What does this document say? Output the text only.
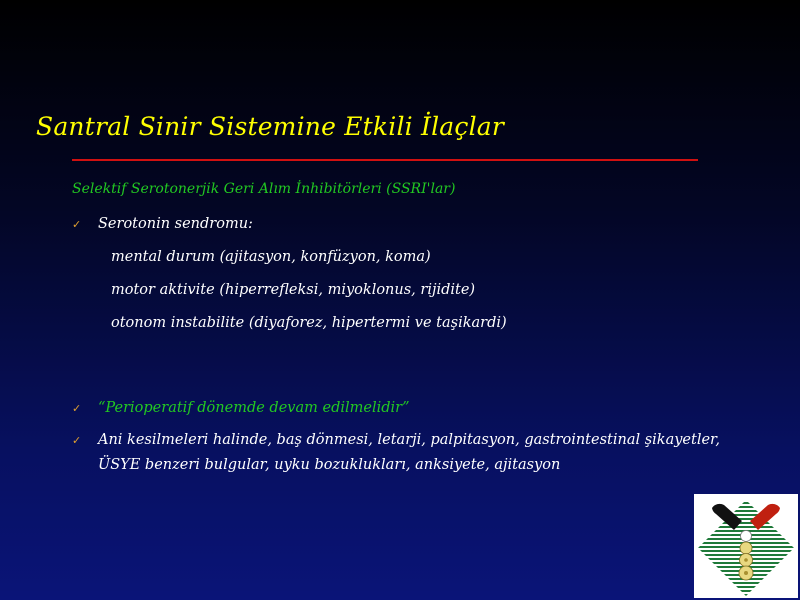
Santral Sinir Sistemine Etkili İlaçlar
Selektif Serotonerjik Geri Alım İnhibitörleri (SSRI'lar)
✓	Serotonin sendromu:
mental durum (ajitasyon, konfüzyon, koma)
motor aktivite (hiperrefleksi, miyoklonus, rijidite)
otonom instabilite (diyaforez, hipertermi ve taşikardi)
✓	“Perioperatif dönemde devam edilmelidir”
✓	Ani kesilmeleri halinde, baş dönmesi, letarji, palpitasyon, gastrointestinal şikayetler, ÜSYE benzeri bulgular, uyku bozuklukları, anksiyete, ajitasyon
